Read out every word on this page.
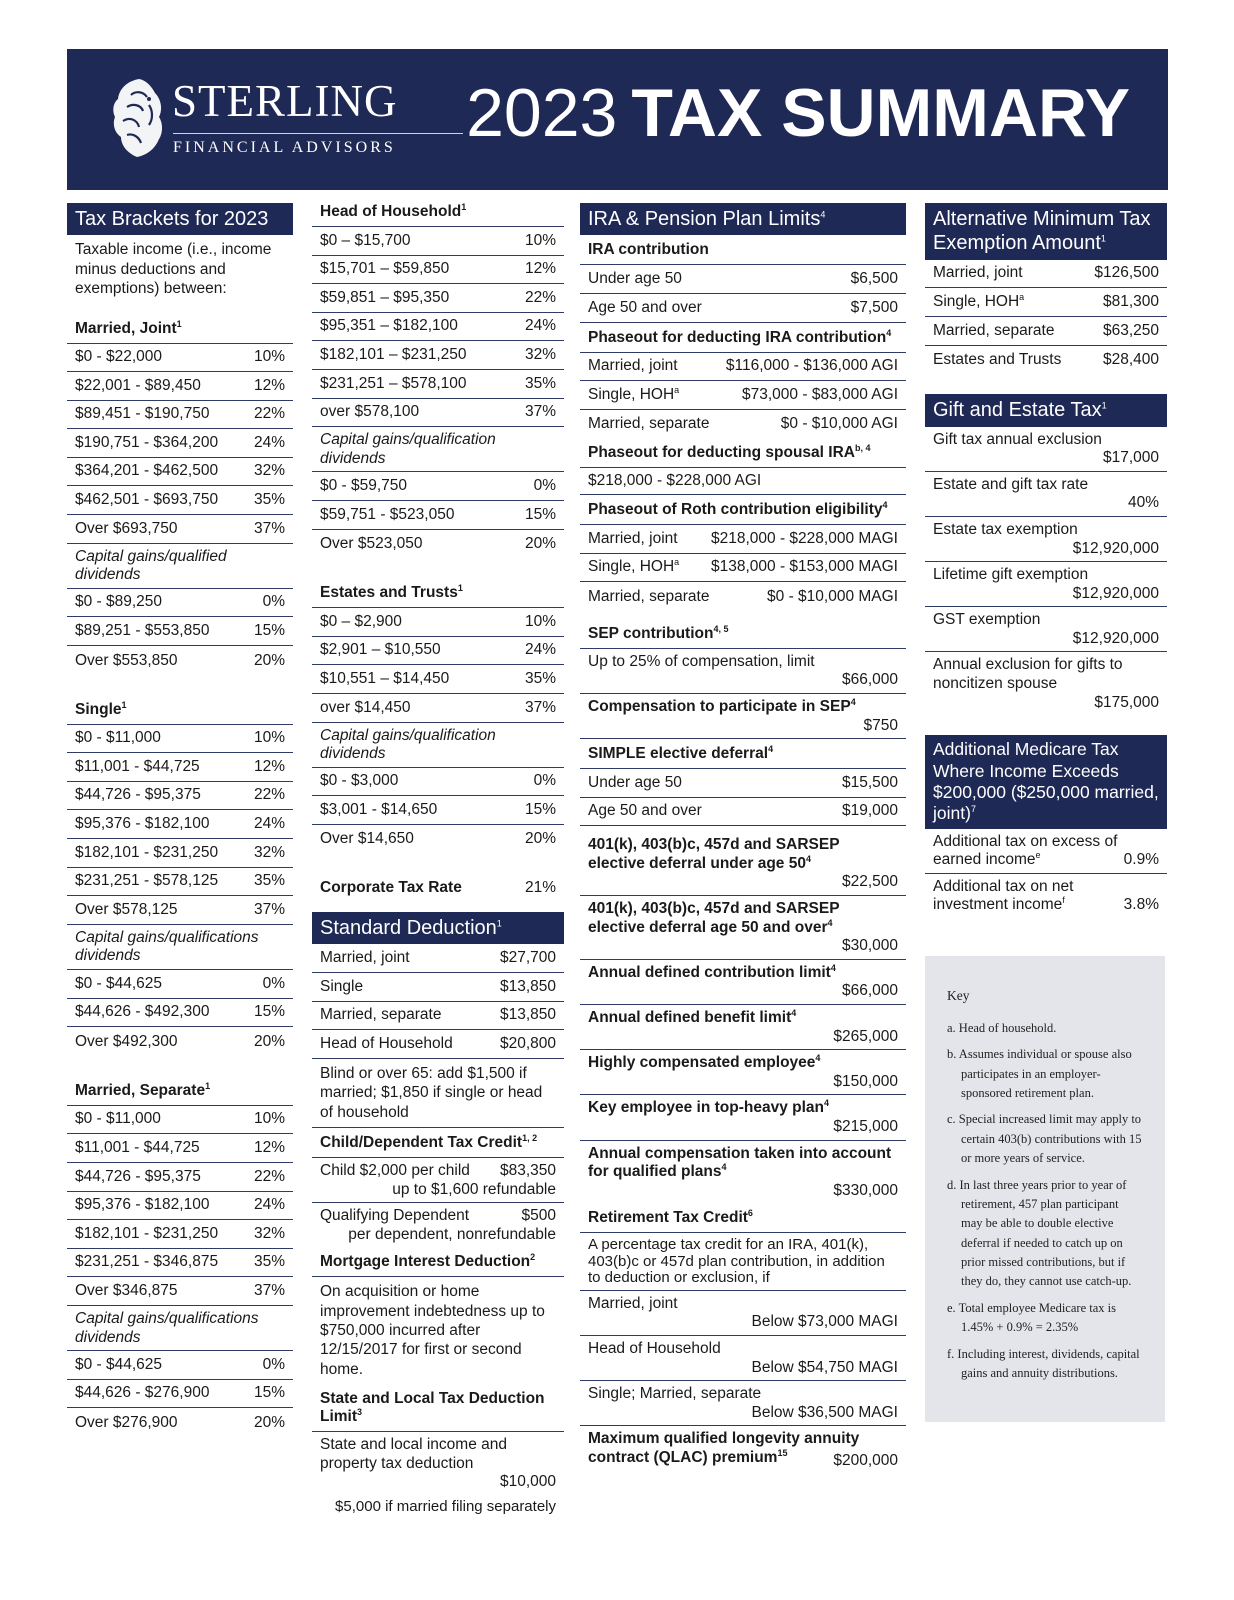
STERLING
FINANCIAL ADVISORS 2023 TAX SUMMARY
Tax Brackets for 2023
Taxable income (i.e., income minus deductions and exemptions) between:
Married, Joint$^1$
$0 - $22,000	10%
$22,001 - $89,450	12%
$89,451 - $190,750	22%
$190,751 - $364,200 24%
$364,201 - $462,500 32%
$462,501 - $693,750 35%
Over $693,750	37%
Capital gains/qualified dividends
$0 - $89,250	0%
$89,251 - $553,850	15%
Over $553,850	20%
Single$^1$
$0 - $11,000	10%
$11,001 - $44,725	12%
$44,726 - $95,375	22%
$95,376 - $182,100	24%
$182,101 - $231,250 32%
$231,251 - $578,125 35%
Over $578,125	37%
Capital gains/qualifications dividends
$0 - $44,625	0%
$44,626 - $492,300	15%
Over $492,300	20%
Married, Separate$^1$
$0 - $11,000	10%
$11,001 - $44,725	12%
$44,726 - $95,375	22%
$95,376 - $182,100	24%
$182,101 - $231,250 32%
$231,251 - $346,875 35%
Over $346,875	37%
Capital gains/qualifications dividends
$0 - $44,625	0%
$44,626 - $276,900	15%
Over $276,900	20%
Head of Household$^1$
$0 – $15,700	10%
$15,701 – $59,850	12%
$59,851 – $95,350	22%
$95,351 – $182,100	24%
$182,101 – $231,250	32%
$231,251 – $578,100	35%
over $578,100	37%
Capital gains/qualification dividends
$0 - $59,750	0%
$59,751 - $523,050	15%
Over $523,050	20%
Estates and Trusts$^1$
$0 – $2,900	10%
$2,901 – $10,550	24%
$10,551 – $14,450	35%
over $14,450	37%
Capital gains/qualification dividends
$0 - $3,000	0%
$3,001 - $14,650	15%
Over $14,650	20%
Corporate Tax Rate	21%
Standard Deduction$^1$
Married, joint	$27,700
Single	$13,850
Married, separate	$13,850
Head of Household	$20,800
Blind or over 65: add $1,500 if married; $1,850 if single or head of household
Child/Dependent Tax Credit$^{1, 2}$
Child $2,000 per child $83,350
up to $1,600 refundable
Qualifying Dependent	$500
per dependent, nonrefundable
Mortgage Interest Deduction$^2$
On acquisition or home improvement indebtedness up to $750,000 incurred after 12/15/2017 for first or second home.
State and Local Tax Deduction Limit$^3$
State and local income and property tax deduction
$10,000
$5,000 if married filing separately
IRA & Pension Plan Limits$^4$
IRA contribution
Under age 50	$6,500
Age 50 and over	$7,500
Phaseout for deducting IRA contribution$^4$
Married, joint	$116,000 - $136,000 AGI
Single, HOH$^a$	$73,000 - $83,000 AGI
Married, separate	$0 - $10,000 AGI
Phaseout for deducting spousal IRA$^{b, 4}$
$218,000 - $228,000 AGI
Phaseout of Roth contribution eligibility$^4$
Married, joint $218,000 - $228,000 MAGI
Single, HOH$^a$ $138,000 - $153,000 MAGI
Married, separate	$0 - $10,000 MAGI
SEP contribution$^{4, 5}$
Up to 25% of compensation, limit
$66,000
Compensation to participate in SEP$^4$
$750
SIMPLE elective deferral$^4$
Under age 50	$15,500
Age 50 and over	$19,000
401(k), 403(b)c, 457d and SARSEP elective deferral under age $50^4$
$22,500
401(k), 403(b)c, 457d and SARSEP elective deferral age 50 and over$^4$
$30,000
Annual defined contribution limit$^4$
$66,000
Annual defined benefit limit$^4$
$265,000
Highly compensated employee$^4$
$150,000
Key employee in top-heavy plan$^4$
$215,000
Annual compensation taken into account for qualified plans$^4$
$330,000
Retirement Tax Credit$^6$
A percentage tax credit for an IRA, 401(k), 403(b)c or 457d plan contribution, in addition to deduction or exclusion, if
Married, joint
Below $73,000 MAGI
Head of Household
Below $54,750 MAGI
Single; Married, separate
Below $36,500 MAGI
Maximum qualified longevity annuity contract (QLAC) premium$^{15}$	$200,000
Alternative Minimum Tax Exemption Amount$^1$
Married, joint	$126,500
Single, HOH$^a$	$81,300
Married, separate	$63,250
Estates and Trusts	$28,400
Gift and Estate Tax$^1$
Gift tax annual exclusion
$17,000
Estate and gift tax rate
40%
Estate tax exemption
$12,920,000
Lifetime gift exemption
$12,920,000
GST exemption
$12,920,000
Annual exclusion for gifts to noncitizen spouse
$175,000
Additional Medicare Tax Where Income Exceeds $200,000 ($250,000 married, joint)$^7$
Additional tax on excess of earned income$^e$	0.9%
Additional tax on net investment income$^f$	3.8%
Key
a. Head of household.
b. Assumes individual or spouse also participates in an employer-sponsored retirement plan.
c. Special increased limit may apply to certain 403(b) contributions with 15 or more years of service.
d. In last three years prior to year of retirement, 457 plan participant may be able to double elective deferral if needed to catch up on prior missed contributions, but if they do, they cannot use catch-up.
e. Total employee Medicare tax is 1.45% + 0.9% = 2.35%
f. Including interest, dividends, capital gains and annuity distributions.
